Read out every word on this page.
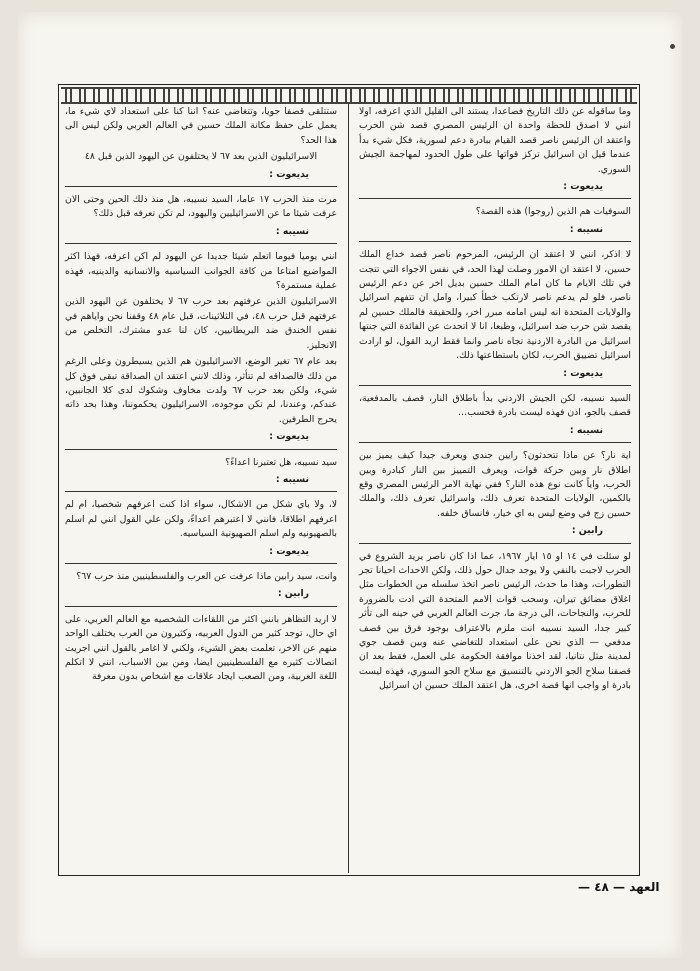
وما ساقوله عن ذلك التاريخ فصاعدا، يستند الى القليل الذي اعرفه، اولا انني لا اصدق للحظة واحدة ان الرئيس المصري قصد شن الحرب واعتقد ان الرئيس ناصر قصد القيام ببادرة دعم لسورية، فكل شيء بدأ عندما قيل ان اسرائيل تركز قواتها على طول الحدود لمهاجمة الجيش السوري.

يديعوت :

السوفيات هم الذين (روجوا) هذه القصة؟

نسيبه :

لا اذكر، انني لا اعتقد ان الرئيس، المرحوم ناصر قصد خداع الملك حسين، لا اعتقد ان الامور وصلت لهذا الحد، في نفس الاجواء التي تتجت في تلك الايام ما كان امام الملك حسين بديل اخر عن دعم الرئيس ناصر، فلو لم يدعم ناصر لارتكب خطأ كبيرا، وامل ان تتفهم اسرائيل والولايات المتحدة انه ليس امامه مبرر اخر، وللحقيقة فالملك حسين لم يقصد شن حرب ضد اسرائيل، وطبعا، انا لا اتحدث عن الفائدة التي جنتها اسرائيل من البادرة الاردنية تجاه ناصر وانما فقط اريد القول، لو ارادت اسرائيل تضييق الحرب، لكان باستطاعتها ذلك.

يديعوت :

السيد نسيبه، لكن الجيش الاردني بدأ باطلاق النار، قصف بالمدفعية، قصف بالجو، اذن فهذه ليست بادرة فحسب…

نسيبه :

اية نار؟ عن ماذا تتحدثون؟ رايين جندي ويعرف جيدا كيف يميز بين اطلاق نار وبين حركة قوات، ويعرف التمييز بين النار كبادرة وبين الحرب، واياً كانت نوع هذه النار؟ ففي نهاية الامر الرئيس المصري وقع بالكمين، الولايات المتحدة تعرف ذلك، واسرائيل تعرف ذلك، والملك حسين زج في وضع ليس به اي خيار، فانساق خلفه.

رابين :

لو سئلت في ١٤ او ١٥ ايار ١٩٦٧، عما اذا كان ناصر يريد الشروع في الحرب لاجبت بالنفي ولا يوجد جدال حول ذلك، ولكن الاحداث احيانا تجر التطورات، وهذا ما حدث، الرئيس ناصر اتخذ سلسله من الخطوات مثل اغلاق مضائق تيران، وسحب قوات الامم المتحدة التي ادت بالضرورة للحرب، والنجاحات، الى درجة ما، جرت العالم العربي في حينه الى تأثر كبير جدا، السيد نسيبه انت ملزم بالاعتراف بوجود فرق بين قصف مدفعي — الذي نحن على استعداد للتغاضي عنه وبين قصف جوي لمدينة مثل نتانيا، لقد اخذنا موافقة الحكومة على العمل، فقط بعد ان قصفنا سلاح الجو الاردني بالتنسيق مع سلاح الجو السوري، فهذه ليست بادرة او واجب انها قصة اخرى، هل اعتقد الملك حسين ان اسرائيل

ستتلقى قصفا جويا، وتتغاضى عنه؟ اننا كنا على استعداد لاي شيء ما، يعمل على حفظ مكانة الملك حسين في العالم العربي ولكن ليس الى هذا الحد؟

الاسرائيليون الذين بعد ٦٧ لا يختلفون عن اليهود الذين قبل ٤٨

يديعوت :

مرت منذ الحرب ١٧ عاما، السيد نسيبه، هل منذ ذلك الحين وحتى الان عرفت شيئا ما عن الاسرائيليين واليهود، لم تكن تعرفه قبل ذلك؟

نسيبه :

انني يوميا فيوما اتعلم شيئا جديدا عن اليهود لم اكن اعرفه، فهذا اكثر المواضيع امتاعا من كافة الجوانب السياسيه والانسانيه والدينيه، فهذه عملية مستمرة؟

الاسرائيليون الذين عرفتهم بعد حرب ٦٧ لا يختلفون عن اليهود الذين عرفتهم قبل حرب ٤٨، في الثلاثينات، قبل عام ٤٨ وقفنا نحن واياهم في نفس الخندق ضد البريطانيين، كان لنا عدو مشترك، التخلص من الانجليز.

بعد عام ٦٧ تغير الوضع، الاسرائيليون هم الذين يسيطرون وعلى الرغم من ذلك فالصداقه لم تتأثر، وذلك لانني اعتقد ان الصداقة تبقى فوق كل شيء، ولكن بعد حرب ٦٧ ولدت مخاوف وشكوك لدى كلا الجانبين، عندكم، وعندنا، لم تكن موجوده، الاسرائيليون يحكموننا، وهذا بحد ذاته يحرج الطرفين.

يديعوت :

سيد نسيبه، هل تعتبرنا اعداءً؟

نسيبه :

لا، ولا باي شكل من الاشكال، سواء اذا كنت اعرفهم شخصيا، ام لم اعرفهم اطلاقا، فانني لا اعتبرهم اعداءً، ولكن علي القول انني لم اسلم بالصهيونيه ولم اسلم الصهيونية السياسيه.

يديعوت :

وانت، سيد رابين ماذا عرفت عن العرب والفلسطينيين منذ حرب ٦٧؟

رابين :

لا اريد التظاهر بانني اكثر من اللقاءات الشخصيه مع العالم العربي، على اي حال، توجد كثير من الدول العربيه، وكثيرون من العرب يختلف الواحد منهم عن الاخر، تعلمت بعض الشيء، ولكني لا اغامر بالقول انني اجريت اتصالات كثيره مع الفلسطينيين ايضا، ومن بين الاسباب، انني لا اتكلم اللغة العربية، ومن الصعب ايجاد علاقات مع اشخاص بدون معرفة

العهد — ٤٨ —
